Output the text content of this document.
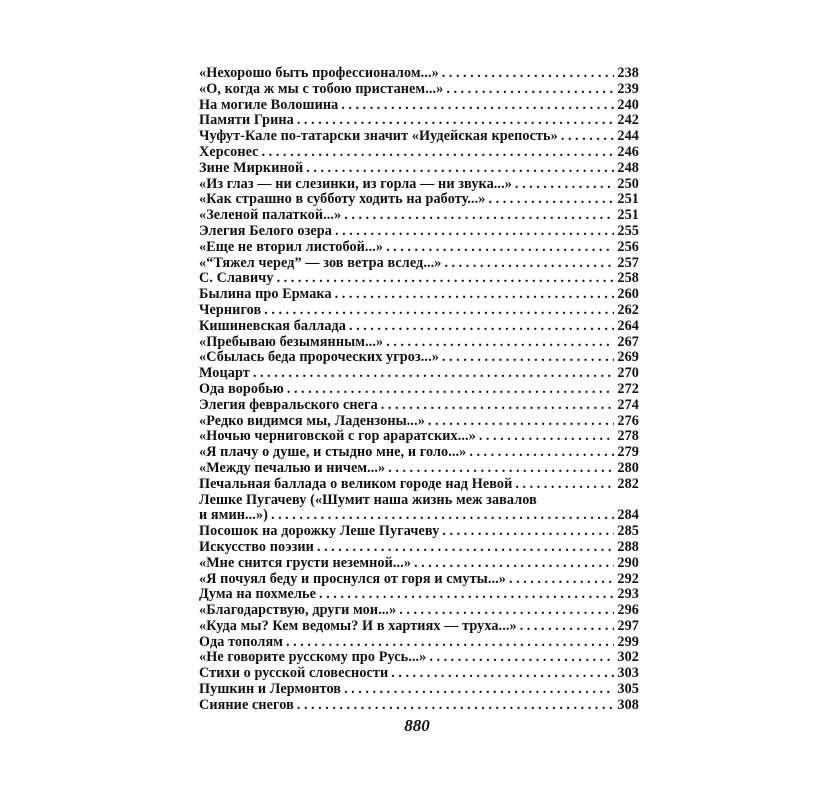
«Нехорошо быть профессионалом...» . . .	238
«О, когда ж мы с тобою пристанем...» . . .	239
На могиле Волошина . . .	240
Памяти Грина . . .	242
Чуфут-Кале по-татарски значит «Иудейская крепость» . . .	244
Херсонес . . .	246
Зине Миркиной . . .	248
«Из глаз — ни слезинки, из горла — ни звука...» . . .	250
«Как страшно в субботу ходить на работу...» . . .	251
«Зеленой палаткой...» . . .	251
Элегия Белого озера . . .	255
«Еще не вторил листобой...» . . .	256
«“Тяжел черед” — зов ветра вслед...» . . .	257
С. Славичу . . .	258
Былина про Ермака . . .	260
Чернигов . . .	262
Кишиневская баллада . . .	264
«Пребываю безымянным...» . . .	267
«Сбылась беда пророческих угроз...» . . .	269
Моцарт . . .	270
Ода воробью . . .	272
Элегия февральского снега . . .	274
«Редко видимся мы, Ладензоны...» . . .	276
«Ночью черниговской с гор араратских...» . . .	278
«Я плачу о душе, и стыдно мне, и голо...» . . .	279
«Между печалью и ничем...» . . .	280
Печальная баллада о великом городе над Невой . . .	282
Лешке Пугачеву («Шумит наша жизнь меж завалов
и ямин...») . . .	284
Посошок на дорожку Леше Пугачеву . . .	285
Искусство поэзии . . .	288
«Мне снится грусти неземной...» . . .	290
«Я почуял беду и проснулся от горя и смуты...» . . .	292
Дума на похмелье . . .	293
«Благодарствую, други мои...» . . .	296
«Куда мы? Кем ведомы? И в хартиях — труха...» . . .	297
Ода тополям . . .	299
«Не говорите русскому про Русь...» . . .	302
Стихи о русской словесности . . .	303
Пушкин и Лермонтов . . .	305
Сияние снегов . . .	308
880
